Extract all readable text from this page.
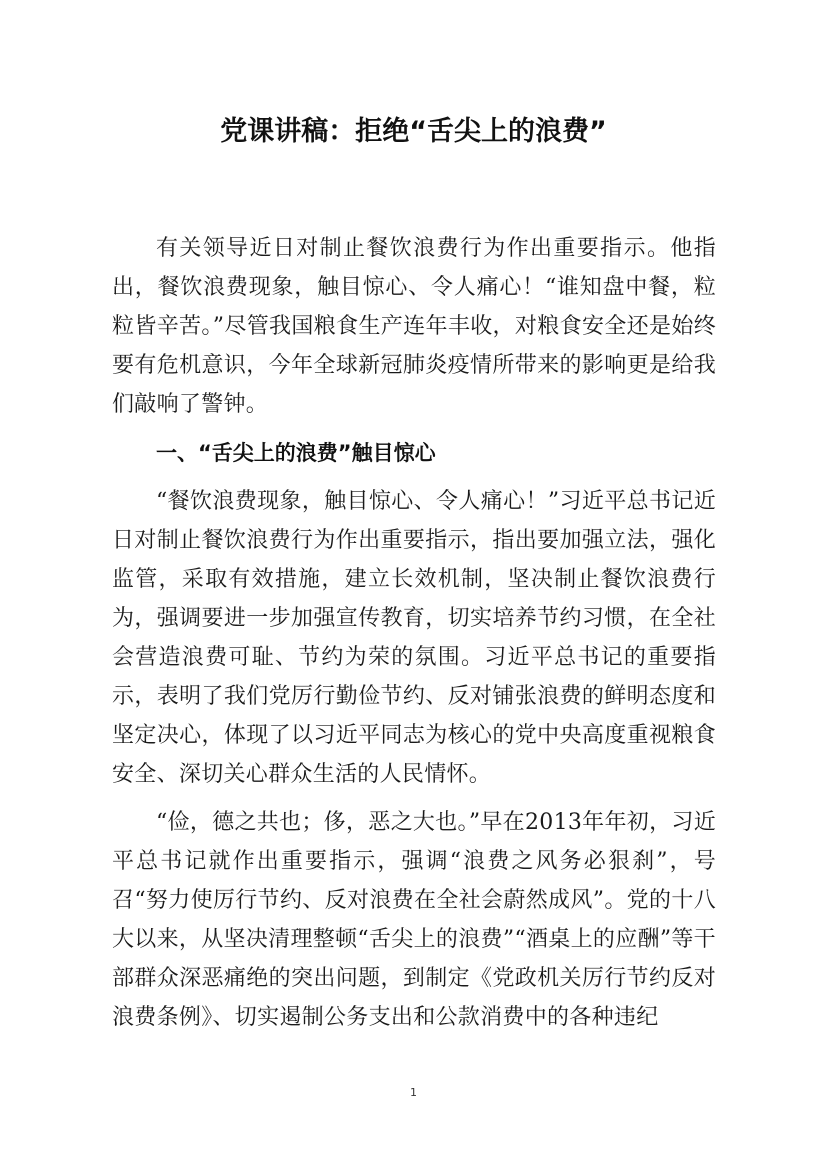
党课讲稿：拒绝“舌尖上的浪费”

有关领导近日对制止餐饮浪费行为作出重要指示。他指出，餐饮浪费现象，触目惊心、令人痛心！“谁知盘中餐，粒粒皆辛苦。”尽管我国粮食生产连年丰收，对粮食安全还是始终要有危机意识，今年全球新冠肺炎疫情所带来的影响更是给我们敲响了警钟。

一、“舌尖上的浪费”触目惊心

“餐饮浪费现象，触目惊心、令人痛心！”习近平总书记近日对制止餐饮浪费行为作出重要指示，指出要加强立法，强化监管，采取有效措施，建立长效机制，坚决制止餐饮浪费行为，强调要进一步加强宣传教育，切实培养节约习惯，在全社会营造浪费可耻、节约为荣的氛围。习近平总书记的重要指示，表明了我们党厉行勤俭节约、反对铺张浪费的鲜明态度和坚定决心，体现了以习近平同志为核心的党中央高度重视粮食安全、深切关心群众生活的人民情怀。

“俭，德之共也；侈，恶之大也。”早在2013年年初，习近平总书记就作出重要指示，强调“浪费之风务必狠刹”，号召“努力使厉行节约、反对浪费在全社会蔚然成风”。党的十八大以来，从坚决清理整顿“舌尖上的浪费”“酒桌上的应酬”等干部群众深恶痛绝的突出问题，到制定《党政机关厉行节约反对浪费条例》、切实遏制公务支出和公款消费中的各种违纪

1
